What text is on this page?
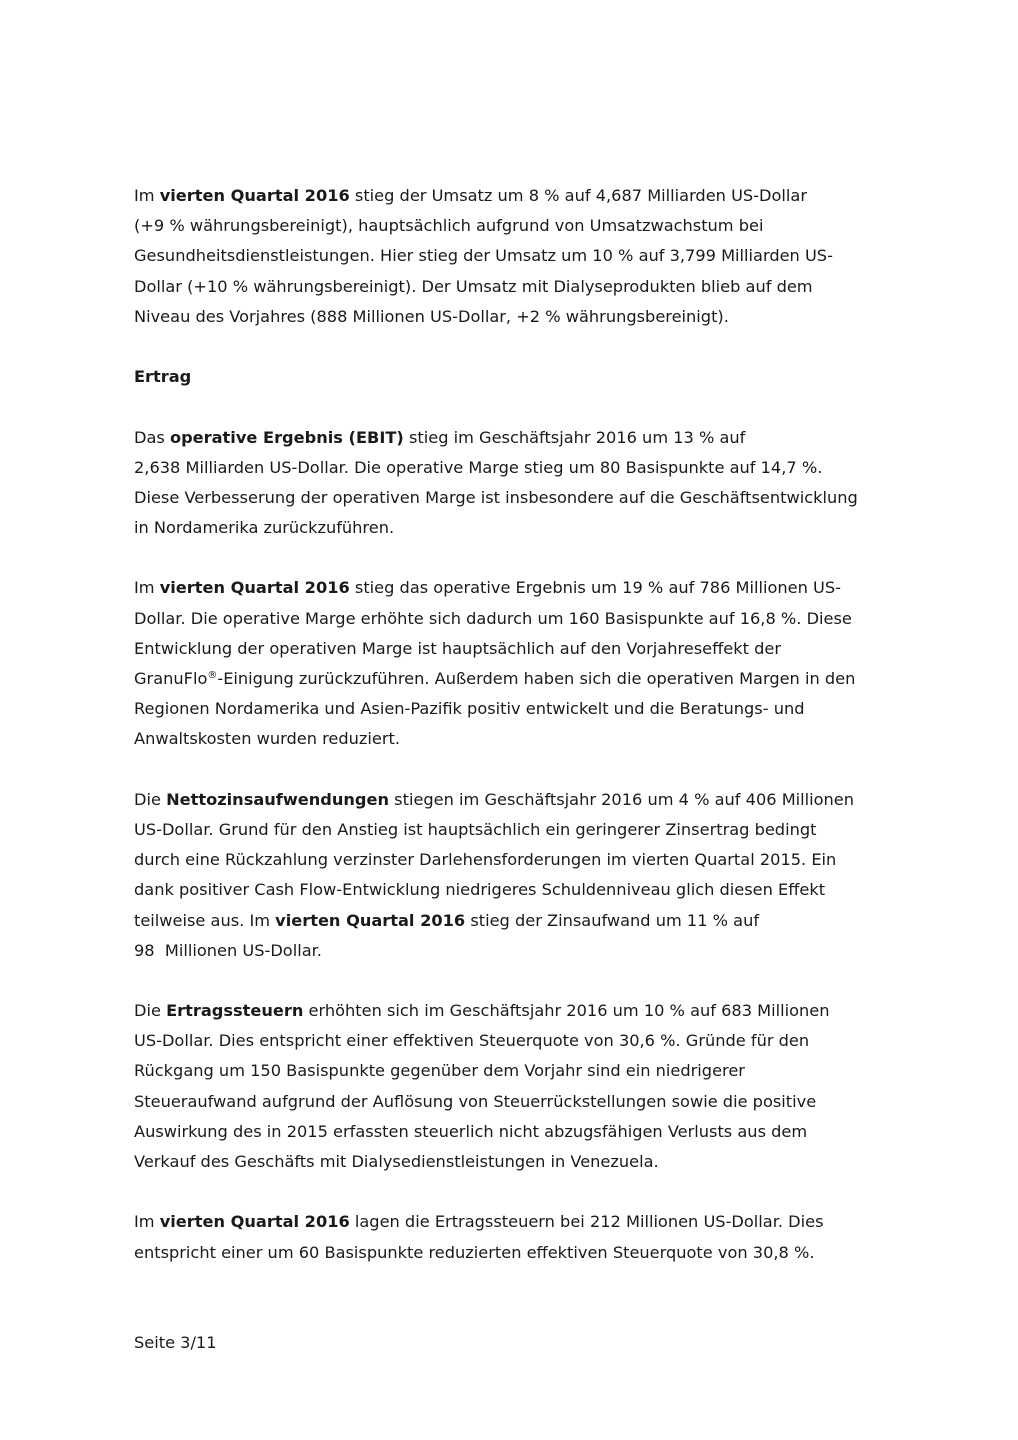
Im vierten Quartal 2016 stieg der Umsatz um 8 % auf 4,687 Milliarden US-Dollar
(+9 % währungsbereinigt), hauptsächlich aufgrund von Umsatzwachstum bei
Gesundheitsdienstleistungen. Hier stieg der Umsatz um 10 % auf 3,799 Milliarden US-
Dollar (+10 % währungsbereinigt). Der Umsatz mit Dialyseprodukten blieb auf dem
Niveau des Vorjahres (888 Millionen US-Dollar, +2 % währungsbereinigt).
Ertrag
Das operative Ergebnis (EBIT) stieg im Geschäftsjahr 2016 um 13 % auf
2,638 Milliarden US-Dollar. Die operative Marge stieg um 80 Basispunkte auf 14,7 %.
Diese Verbesserung der operativen Marge ist insbesondere auf die Geschäftsentwicklung
in Nordamerika zurückzuführen.
Im vierten Quartal 2016 stieg das operative Ergebnis um 19 % auf 786 Millionen US-
Dollar. Die operative Marge erhöhte sich dadurch um 160 Basispunkte auf 16,8 %. Diese
Entwicklung der operativen Marge ist hauptsächlich auf den Vorjahreseffekt der
GranuFlo®-Einigung zurückzuführen. Außerdem haben sich die operativen Margen in den
Regionen Nordamerika und Asien-Pazifik positiv entwickelt und die Beratungs- und
Anwaltskosten wurden reduziert.
Die Nettozinsaufwendungen stiegen im Geschäftsjahr 2016 um 4 % auf 406 Millionen
US-Dollar. Grund für den Anstieg ist hauptsächlich ein geringerer Zinsertrag bedingt
durch eine Rückzahlung verzinster Darlehensforderungen im vierten Quartal 2015. Ein
dank positiver Cash Flow-Entwicklung niedrigeres Schuldenniveau glich diesen Effekt
teilweise aus. Im vierten Quartal 2016 stieg der Zinsaufwand um 11 % auf
98  Millionen US-Dollar.
Die Ertragssteuern erhöhten sich im Geschäftsjahr 2016 um 10 % auf 683 Millionen
US-Dollar. Dies entspricht einer effektiven Steuerquote von 30,6 %. Gründe für den
Rückgang um 150 Basispunkte gegenüber dem Vorjahr sind ein niedrigerer
Steueraufwand aufgrund der Auflösung von Steuerrückstellungen sowie die positive
Auswirkung des in 2015 erfassten steuerlich nicht abzugsfähigen Verlusts aus dem
Verkauf des Geschäfts mit Dialysedienstleistungen in Venezuela.
Im vierten Quartal 2016 lagen die Ertragssteuern bei 212 Millionen US-Dollar. Dies
entspricht einer um 60 Basispunkte reduzierten effektiven Steuerquote von 30,8 %.
Seite 3/11
